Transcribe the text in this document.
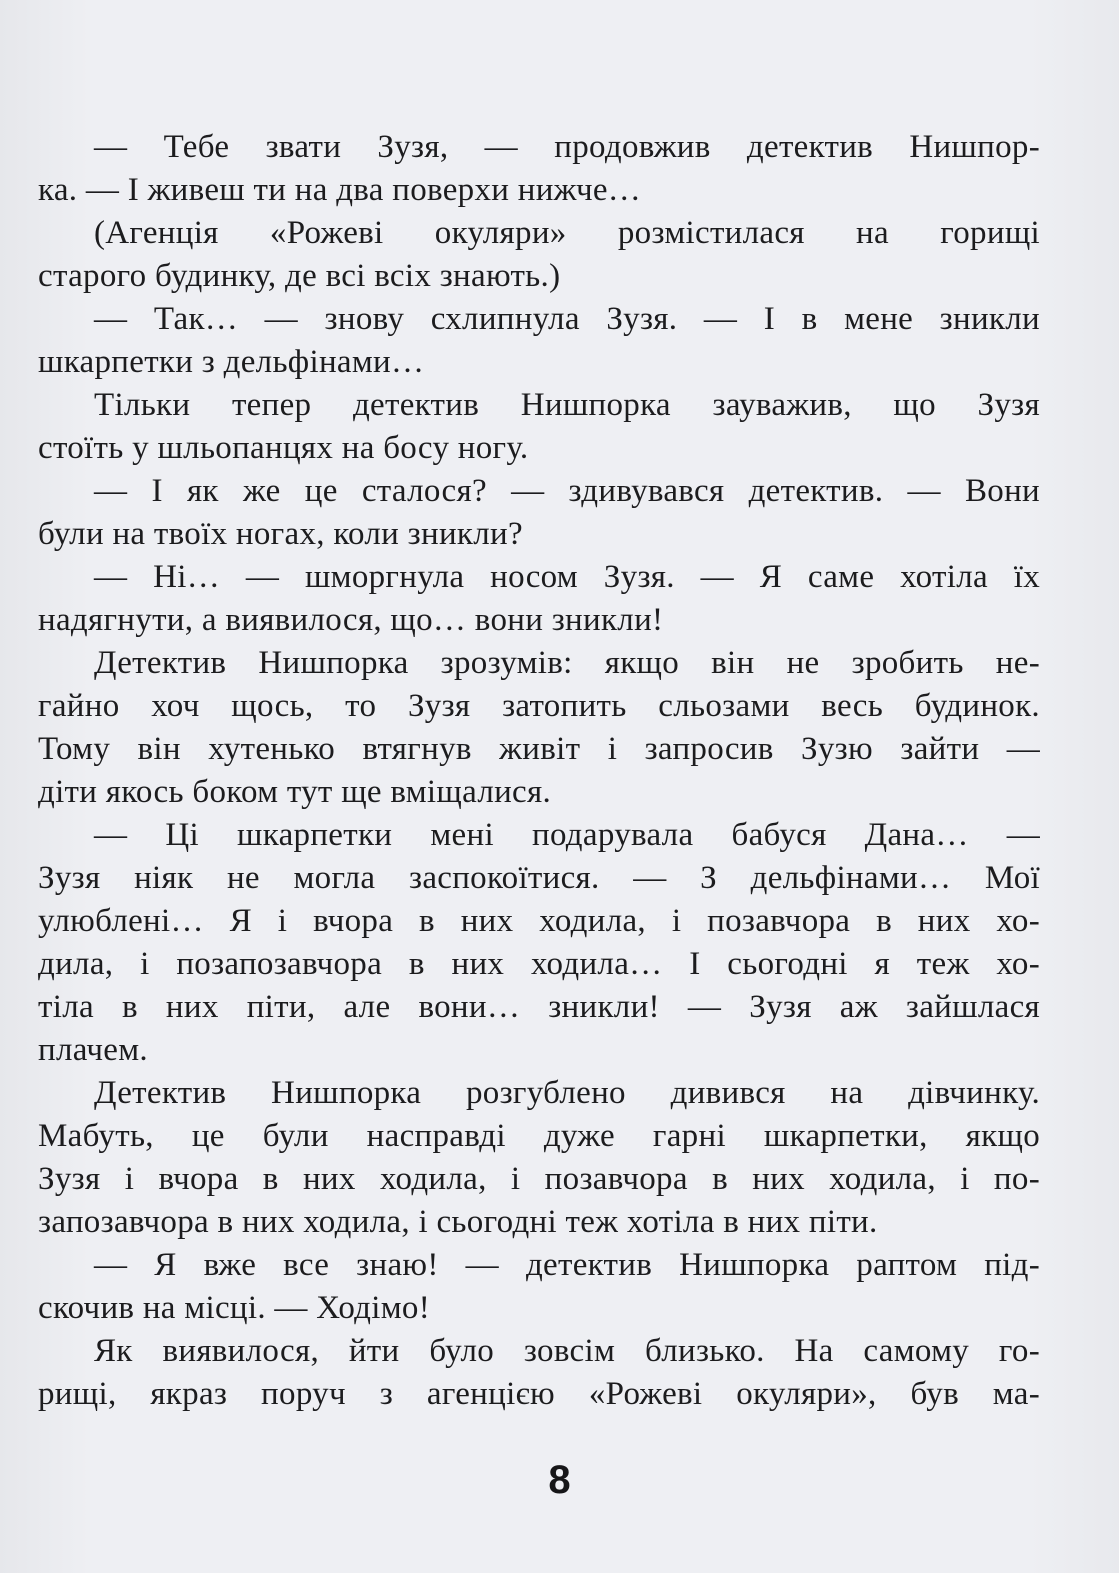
— Тебе звати Зузя, — продовжив детектив Нишпор-
ка. — І живеш ти на два поверхи нижче…
(Агенція «Рожеві окуляри» розмістилася на горищі
старого будинку, де всі всіх знають.)
— Так… — знову схлипнула Зузя. — І в мене зникли
шкарпетки з дельфінами…
Тільки тепер детектив Нишпорка зауважив, що Зузя
стоїть у шльопанцях на босу ногу.
— І як же це сталося? — здивувався детектив. — Вони
були на твоїх ногах, коли зникли?
— Ні… — шморгнула носом Зузя. — Я саме хотіла їх
надягнути, а виявилося, що… вони зникли!
Детектив Нишпорка зрозумів: якщо він не зробить не-
гайно хоч щось, то Зузя затопить сльозами весь будинок.
Тому він хутенько втягнув живіт і запросив Зузю зайти —
діти якось боком тут ще вміщалися.
— Ці шкарпетки мені подарувала бабуся Дана… —
Зузя ніяк не могла заспокоїтися. — З дельфінами… Мої
улюблені… Я і вчора в них ходила, і позавчора в них хо-
дила, і позапозавчора в них ходила… І сьогодні я теж хо-
тіла в них піти, але вони… зникли! — Зузя аж зайшлася
плачем.
Детектив Нишпорка розгублено дивився на дівчинку.
Мабуть, це були насправді дуже гарні шкарпетки, якщо
Зузя і вчора в них ходила, і позавчора в них ходила, і по-
запозавчора в них ходила, і сьогодні теж хотіла в них піти.
— Я вже все знаю! — детектив Нишпорка раптом під-
скочив на місці. — Ходімо!
Як виявилося, йти було зовсім близько. На самому го-
рищі, якраз поруч з агенцією «Рожеві окуляри», був ма-
8
